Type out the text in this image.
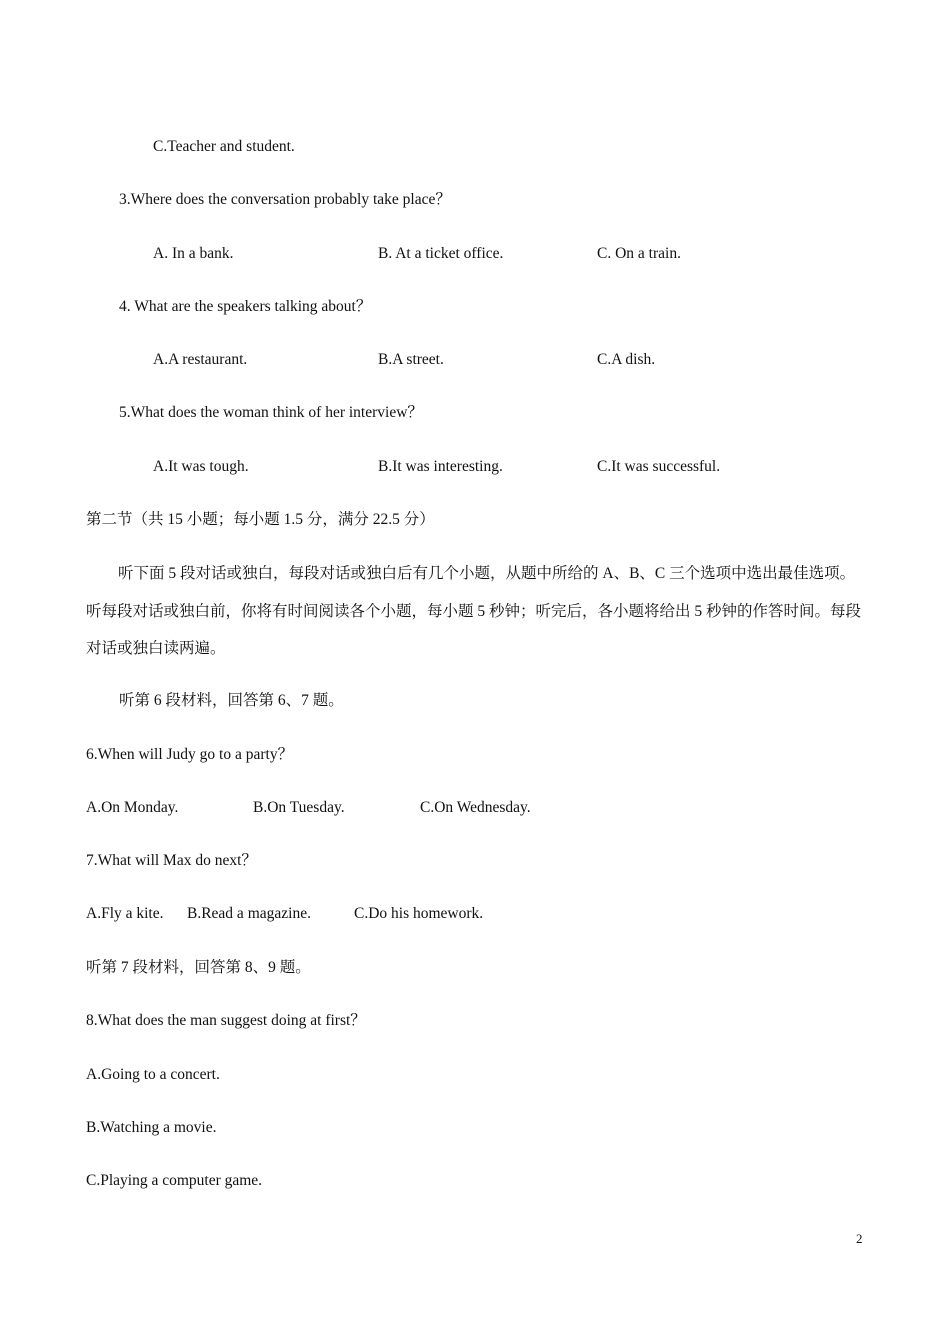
C.Teacher and student.
3.Where does the conversation probably take place？
A. In a bank.	B. At a ticket office.	C. On a train.
4. What are the speakers talking about？
A.A restaurant.	B.A street.	C.A dish.
5.What does the woman think of her interview？
A.It was tough.	B.It was interesting.	C.It was successful.
第二节（共 15 小题；每小题 1.5 分，满分 22.5 分）
听下面 5 段对话或独白，每段对话或独白后有几个小题，从题中所给的 A、B、C 三个选项中选出最佳选项。听每段对话或独白前，你将有时间阅读各个小题，每小题 5 秒钟；听完后，各小题将给出 5 秒钟的作答时间。每段对话或独白读两遍。
听第 6 段材料，回答第 6、7 题。
6.When will Judy go to a party？
A.On Monday.	B.On Tuesday.	C.On Wednesday.
7.What will Max do next？
A.Fly a kite. B.Read a magazine.	C.Do his homework.
听第 7 段材料，回答第 8、9 题。
8.What does the man suggest doing at first？
A.Going to a concert.
B.Watching a movie.
C.Playing a computer game.
2
